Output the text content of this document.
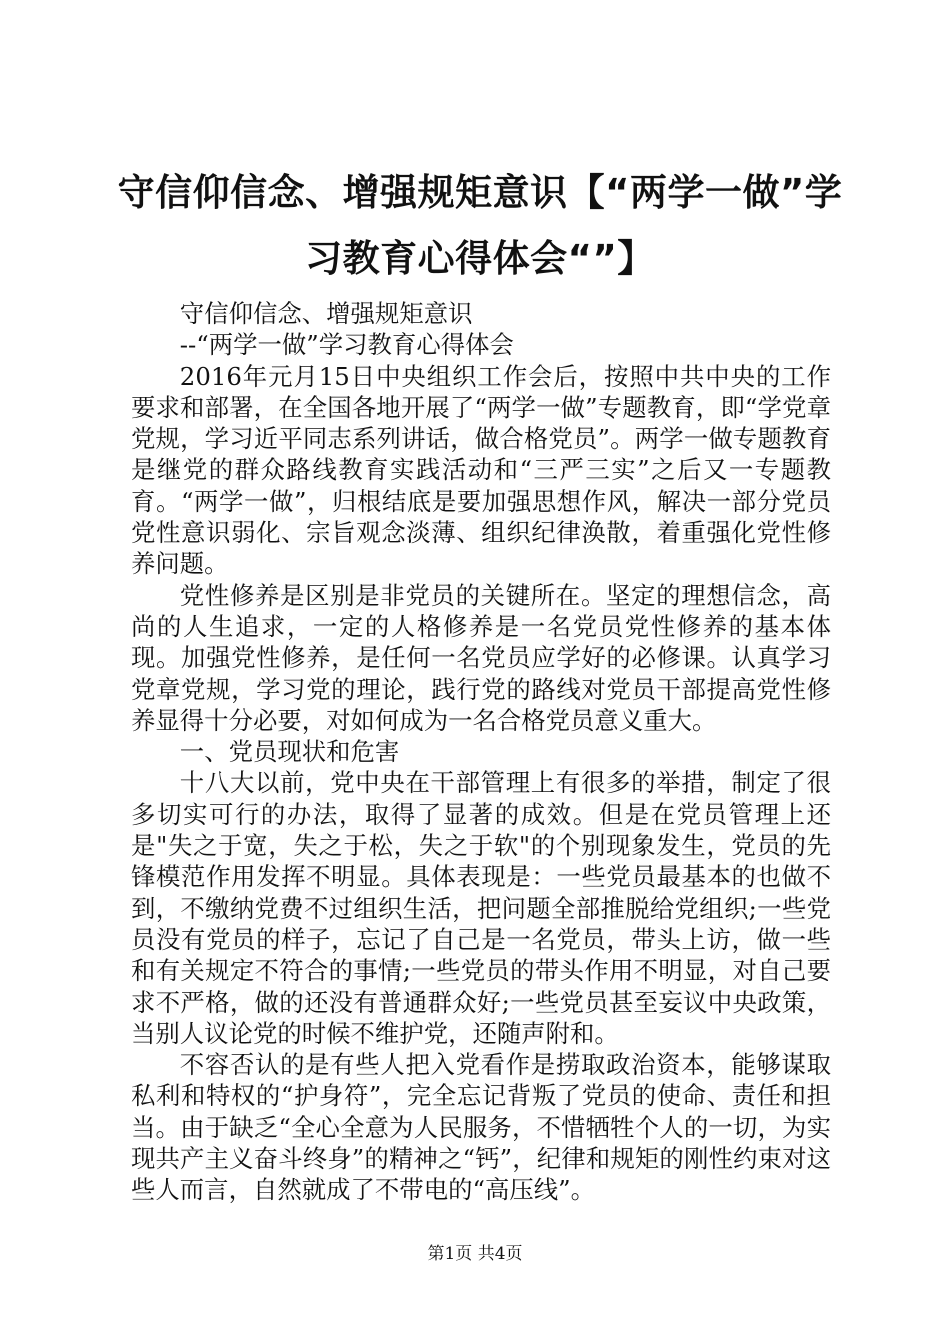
守信仰信念、增强规矩意识【“两学一做”学
习教育心得体会“”】

守信仰信念、增强规矩意识

--“两学一做”学习教育心得体会

2016年元月15日中央组织工作会后，按照中共中央的工作要求和部署，在全国各地开展了“两学一做”专题教育，即“学党章党规，学习近平同志系列讲话，做合格党员”。两学一做专题教育是继党的群众路线教育实践活动和“三严三实”之后又一专题教育。“两学一做”，归根结底是要加强思想作风，解决一部分党员党性意识弱化、宗旨观念淡薄、组织纪律涣散，着重强化党性修养问题。

党性修养是区别是非党员的关键所在。坚定的理想信念，高尚的人生追求，一定的人格修养是一名党员党性修养的基本体现。加强党性修养，是任何一名党员应学好的必修课。认真学习党章党规，学习党的理论，践行党的路线对党员干部提高党性修养显得十分必要，对如何成为一名合格党员意义重大。

一、党员现状和危害

十八大以前，党中央在干部管理上有很多的举措，制定了很多切实可行的办法，取得了显著的成效。但是在党员管理上还是"失之于宽，失之于松，失之于软"的个别现象发生，党员的先锋模范作用发挥不明显。具体表现是：一些党员最基本的也做不到，不缴纳党费不过组织生活，把问题全部推脱给党组织;一些党员没有党员的样子，忘记了自己是一名党员，带头上访，做一些和有关规定不符合的事情;一些党员的带头作用不明显，对自己要求不严格，做的还没有普通群众好;一些党员甚至妄议中央政策，当别人议论党的时候不维护党，还随声附和。

不容否认的是有些人把入党看作是捞取政治资本，能够谋取私利和特权的“护身符”，完全忘记背叛了党员的使命、责任和担当。由于缺乏“全心全意为人民服务，不惜牺牲个人的一切，为实现共产主义奋斗终身”的精神之“钙”，纪律和规矩的刚性约束对这些人而言，自然就成了不带电的“高压线”。

第1页 共4页
